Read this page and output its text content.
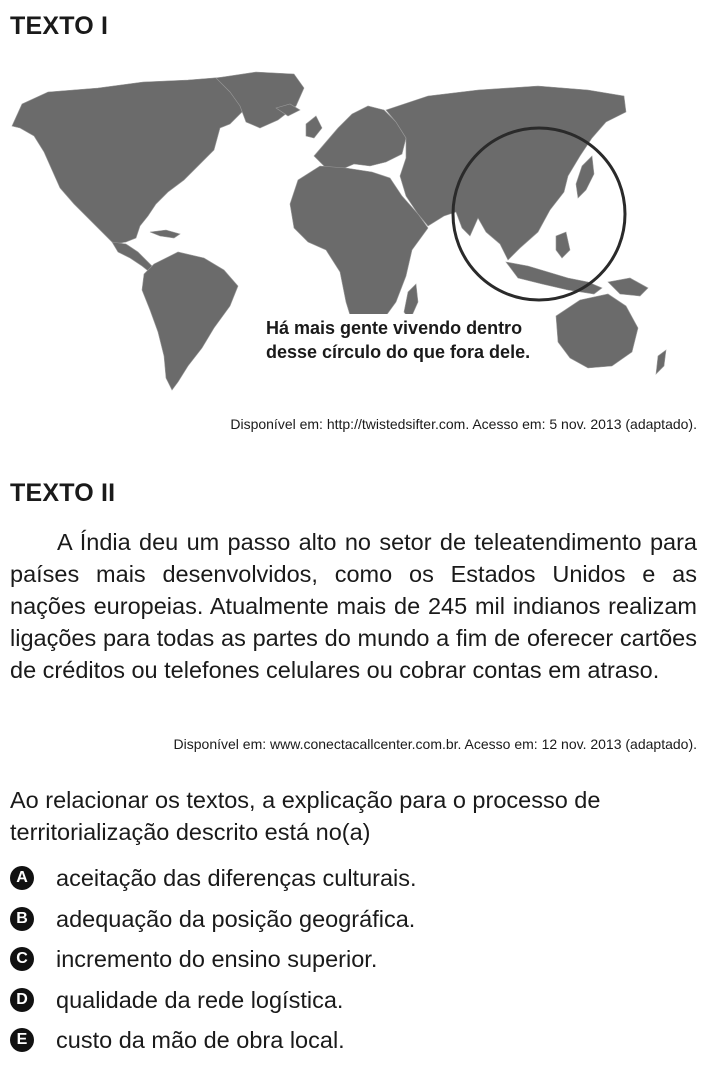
TEXTO I
Há mais gente vivendo dentro
desse círculo do que fora dele.

Disponível em: http://twistedsifter.com. Acesso em: 5 nov. 2013 (adaptado).

TEXTO II

A Índia deu um passo alto no setor de teleatendimento para países mais desenvolvidos, como os Estados Unidos e as nações europeias. Atualmente mais de 245 mil indianos realizam ligações para todas as partes do mundo a fim de oferecer cartões de créditos ou telefones celulares ou cobrar contas em atraso.

Disponível em: www.conectacallcenter.com.br. Acesso em: 12 nov. 2013 (adaptado).

Ao relacionar os textos, a explicação para o processo de territorialização descrito está no(a)

A aceitação das diferenças culturais.
B adequação da posição geográfica.
C incremento do ensino superior.
D qualidade da rede logística.
E custo da mão de obra local.
